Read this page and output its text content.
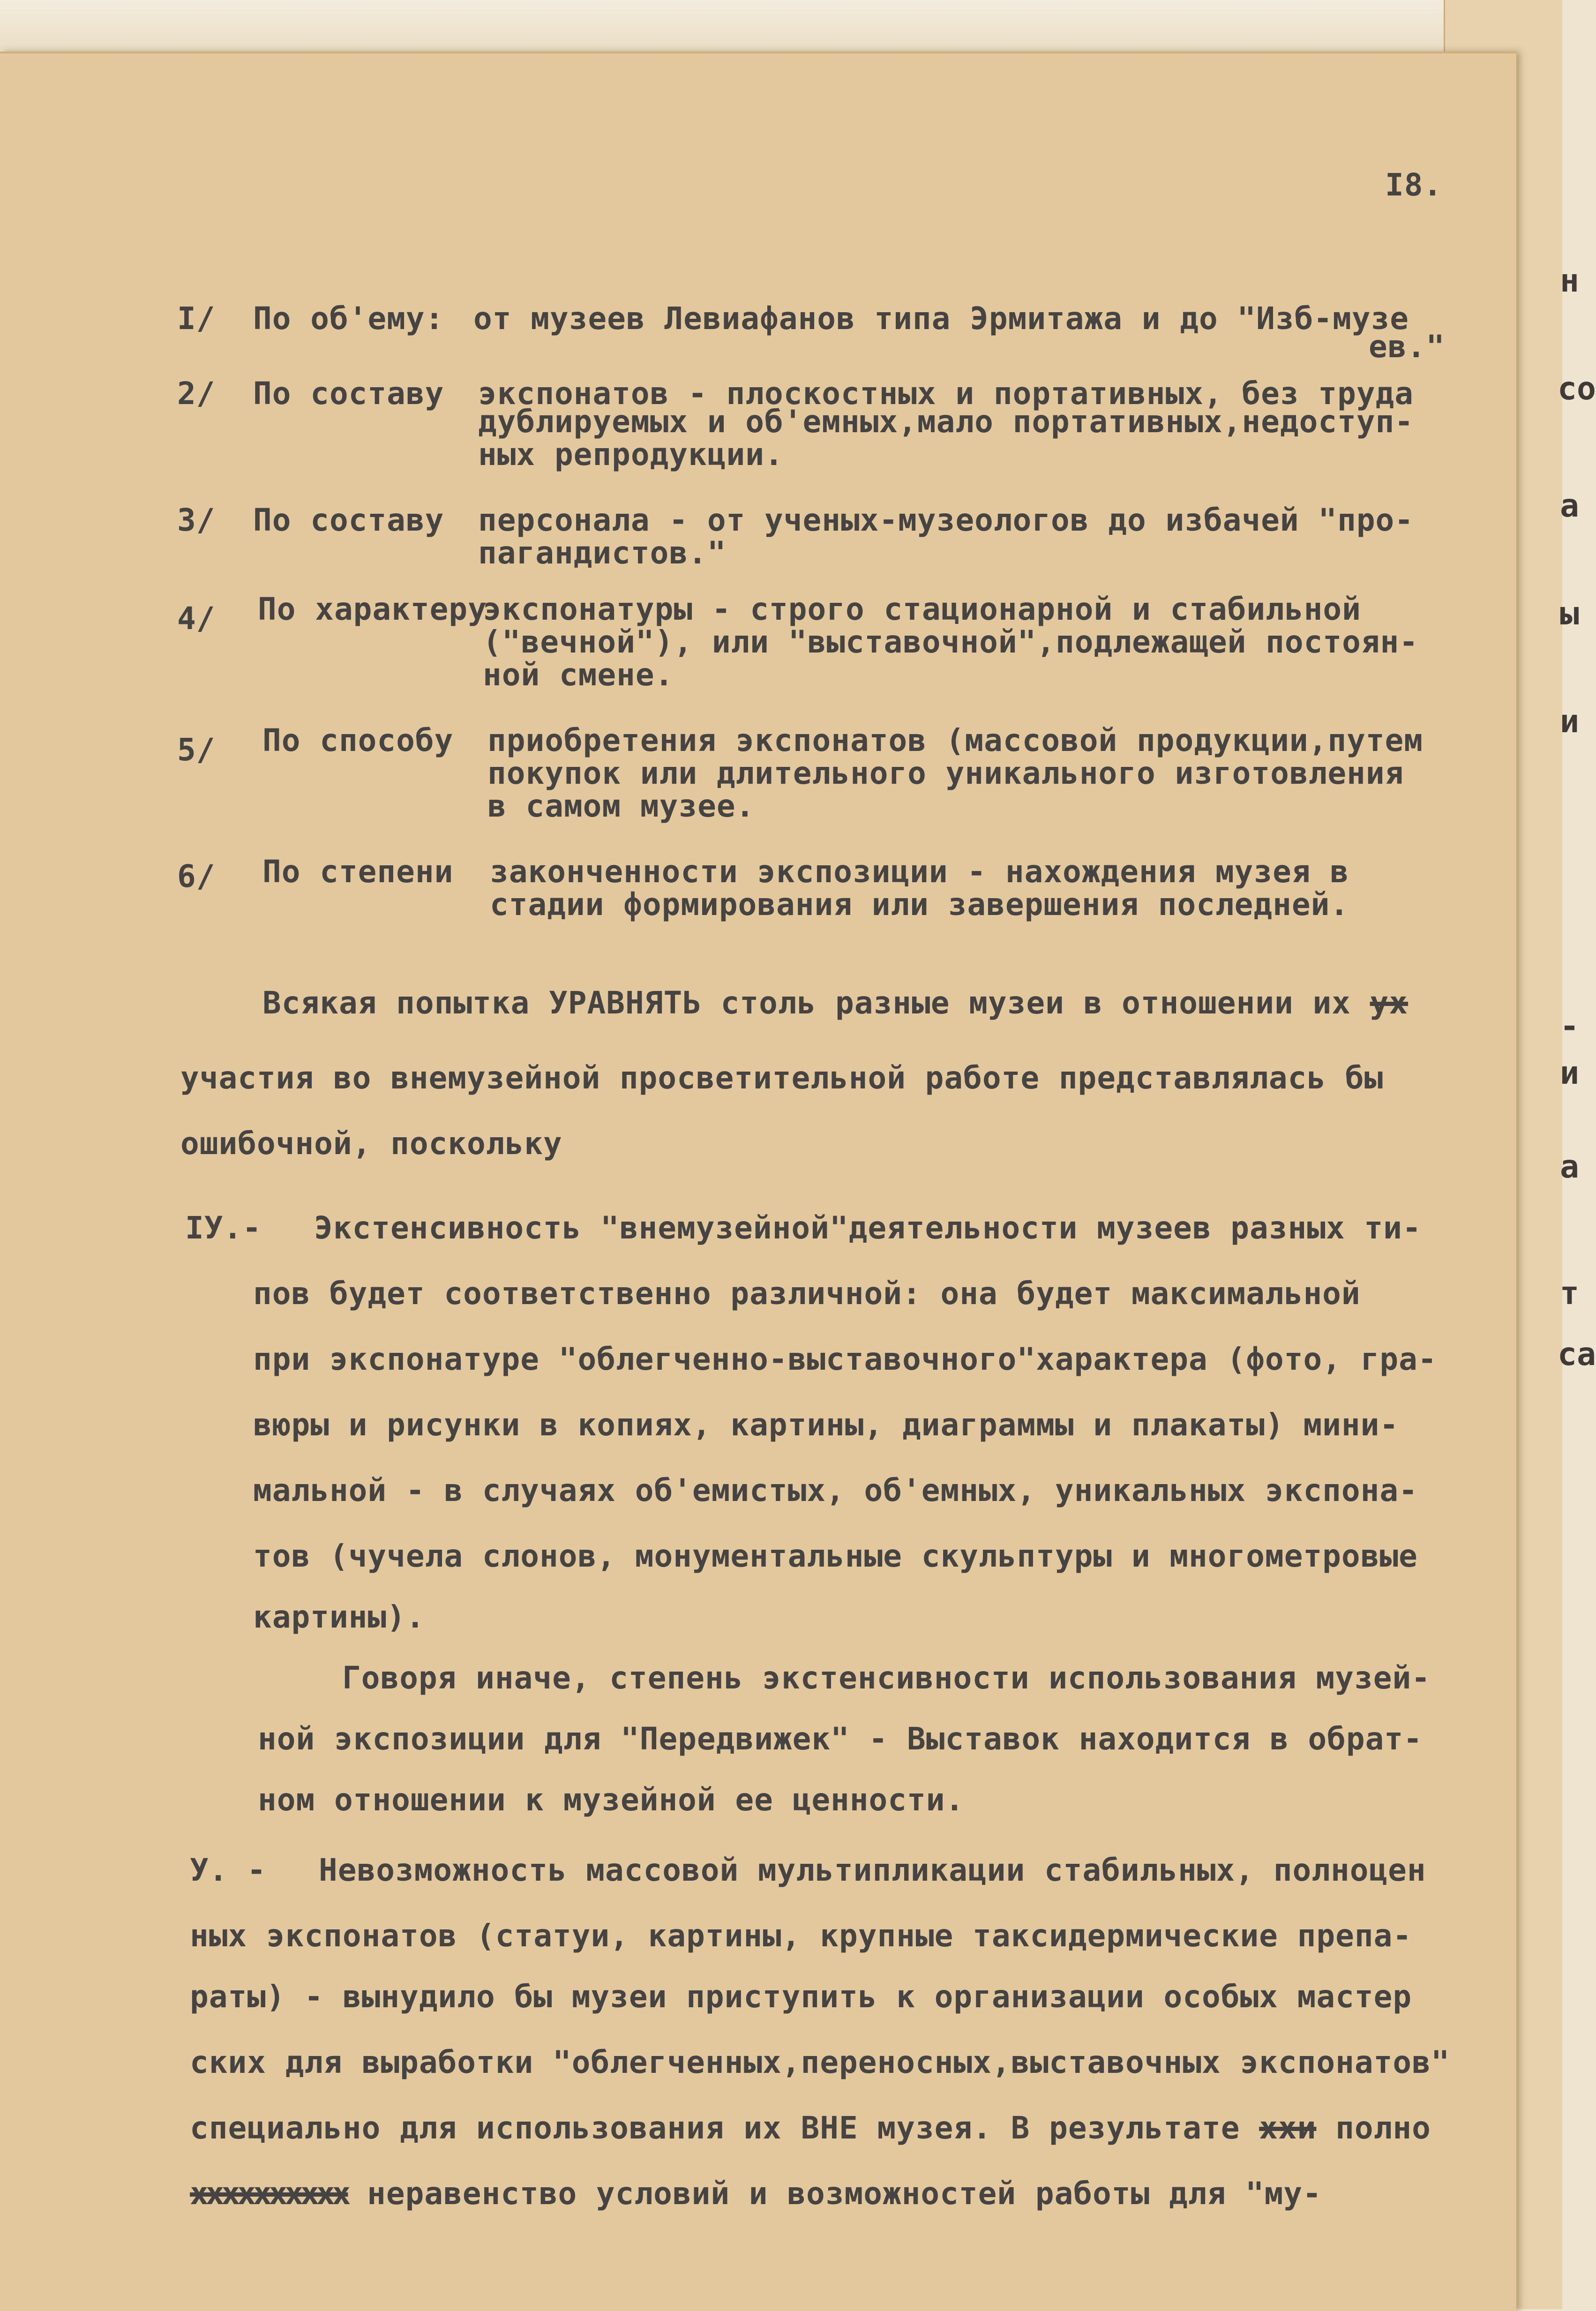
н
со
а
ы
и
-
и
а
т
са
I8.
I/ По об'ему: от музеев Левиафанов типа Эрмитажа и до "Изб-музе
ев."
2/ По составу экспонатов - плоскостных и портативных, без труда
дублируемых и об'емных,мало портативных,недоступ-
ных репродукции.
3/ По составу персонала - от ученых-музеологов до избачей "про-
пагандистов."
4/ По характеру
экспонатуры - строго стационарной и стабильной
("вечной"), или "выставочной",подлежащей постоян-
ной смене.
5/ По способу приобретения экспонатов (массовой продукции,путем
покупок или длительного уникального изготовления
в самом музее.
6/ По степени законченности экспозиции - нахождения музея в
стадии формирования или завершения последней.
Всякая попытка УРАВНЯТЬ столь разные музеи в отношении их ух
участия во внемузейной просветительной работе представлялась бы
ошибочной, поскольку
IУ.- Экстенсивность "внемузейной"деятельности музеев разных ти-
пов будет соответственно различной: она будет максимальной
при экспонатуре "облегченно-выставочного"характера (фото, гра-
вюры и рисунки в копиях, картины, диаграммы и плакаты) мини-
мальной - в случаях об'емистых, об'емных, уникальных экспона-
тов (чучела слонов, монументальные скульптуры и многометровые
картины).
Говоря иначе, степень экстенсивности использования музей-
ной экспозиции для "Передвижек" - Выставок находится в обрат-
ном отношении к музейной ее ценности.
У. - Невозможность массовой мультипликации стабильных, полноцен
ных экспонатов (статуи, картины, крупные таксидермические препа-
раты) - вынудило бы музеи приступить к организации особых мастер
ских для выработки "облегченных,переносных,выставочных экспонатов"
специально для использования их ВНЕ музея. В результате ххи полно
хххххххххх неравенство условий и возможностей работы для "му-
